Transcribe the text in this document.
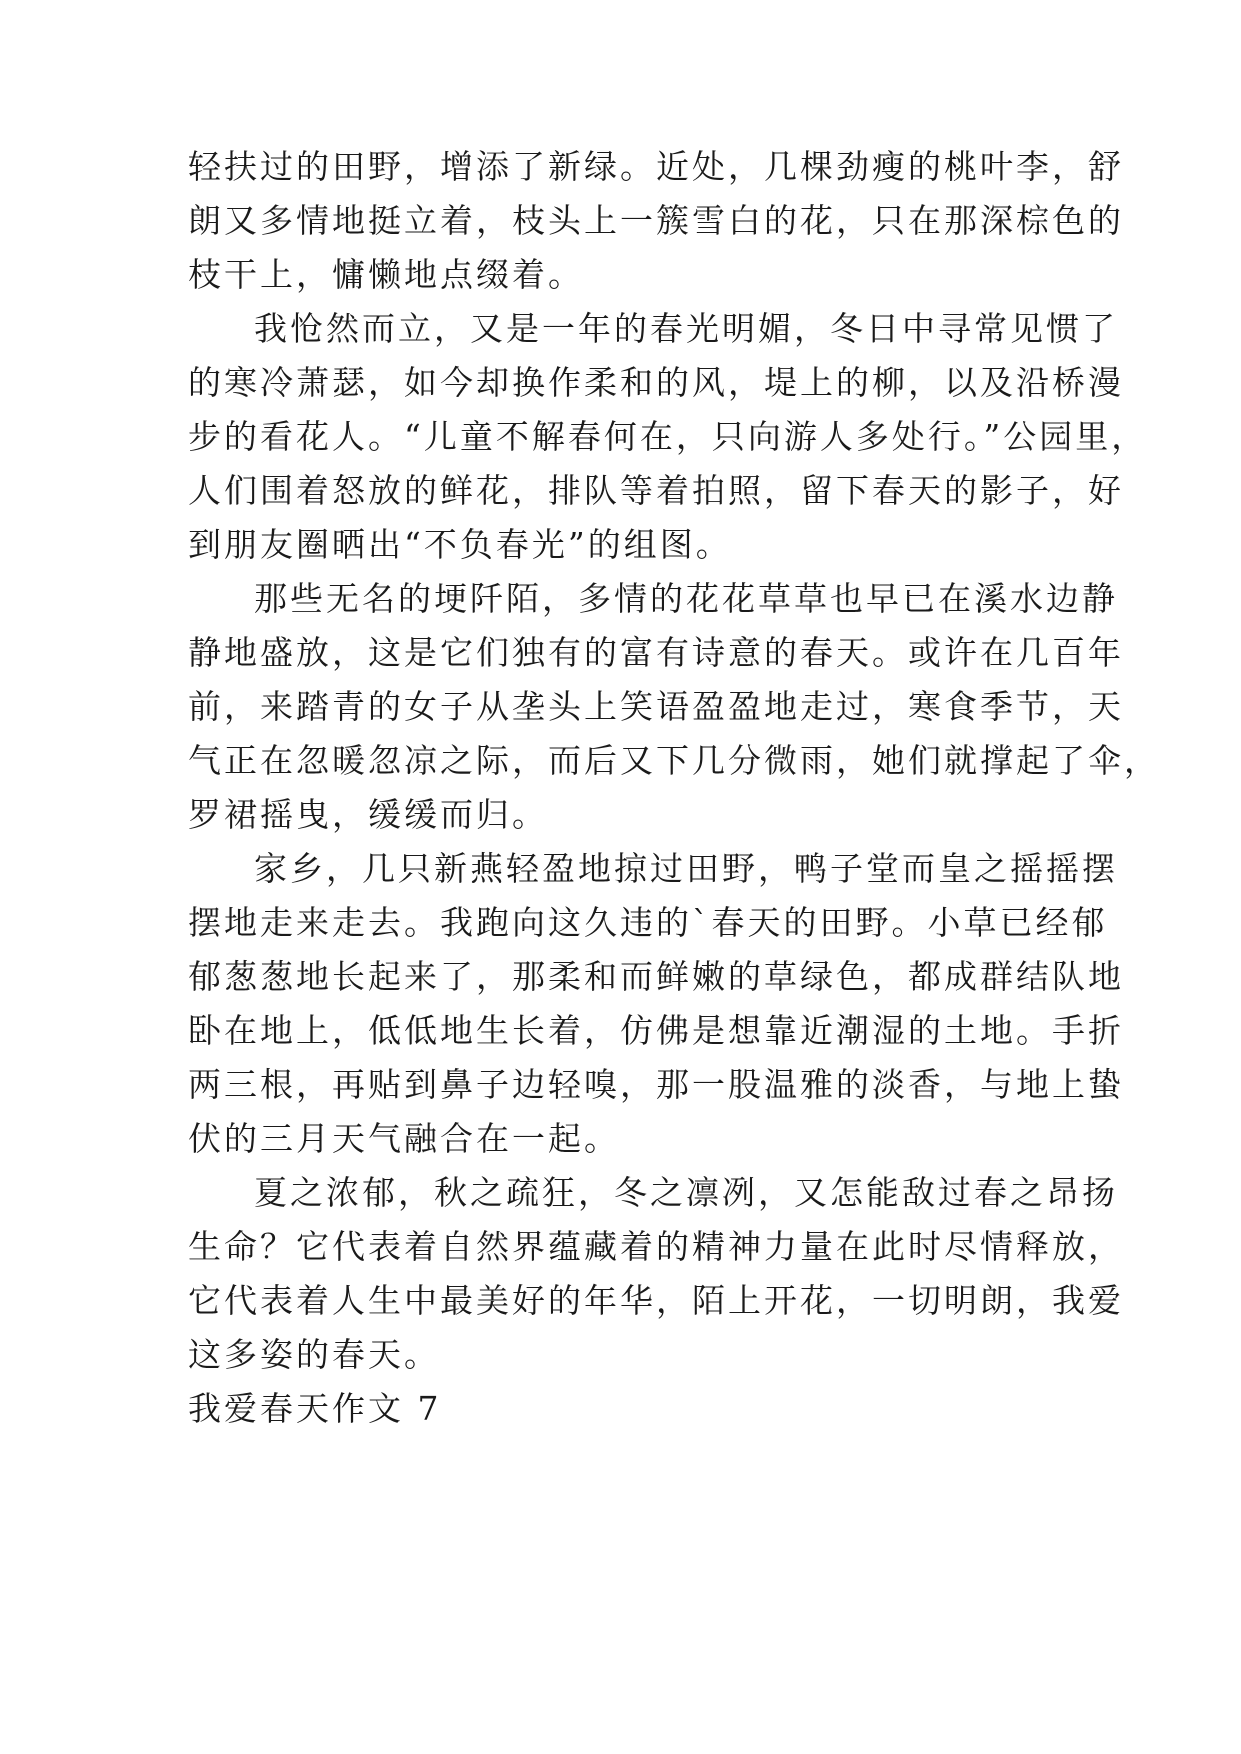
轻扶过的田野，增添了新绿。近处，几棵劲瘦的桃叶李，舒
朗又多情地挺立着，枝头上一簇雪白的花，只在那深棕色的
枝干上，慵懒地点缀着。
我怆然而立，又是一年的春光明媚，冬日中寻常见惯了
的寒冷萧瑟，如今却换作柔和的风，堤上的柳，以及沿桥漫
步的看花人。“儿童不解春何在，只向游人多处行。”公园里，
人们围着怒放的鲜花，排队等着拍照，留下春天的影子，好
到朋友圈晒出“不负春光”的组图。
那些无名的埂阡陌，多情的花花草草也早已在溪水边静
静地盛放，这是它们独有的富有诗意的春天。或许在几百年
前，来踏青的女子从垄头上笑语盈盈地走过，寒食季节，天
气正在忽暖忽凉之际，而后又下几分微雨，她们就撑起了伞，
罗裙摇曳，缓缓而归。
家乡，几只新燕轻盈地掠过田野，鸭子堂而皇之摇摇摆
摆地走来走去。我跑向这久违的`春天的田野。小草已经郁
郁葱葱地长起来了，那柔和而鲜嫩的草绿色，都成群结队地
卧在地上，低低地生长着，仿佛是想靠近潮湿的土地。手折
两三根，再贴到鼻子边轻嗅，那一股温雅的淡香，与地上蛰
伏的三月天气融合在一起。
夏之浓郁，秋之疏狂，冬之凛冽，又怎能敌过春之昂扬
生命？它代表着自然界蕴藏着的精神力量在此时尽情释放，
它代表着人生中最美好的年华，陌上开花，一切明朗，我爱
这多姿的春天。
我爱春天作文 7
